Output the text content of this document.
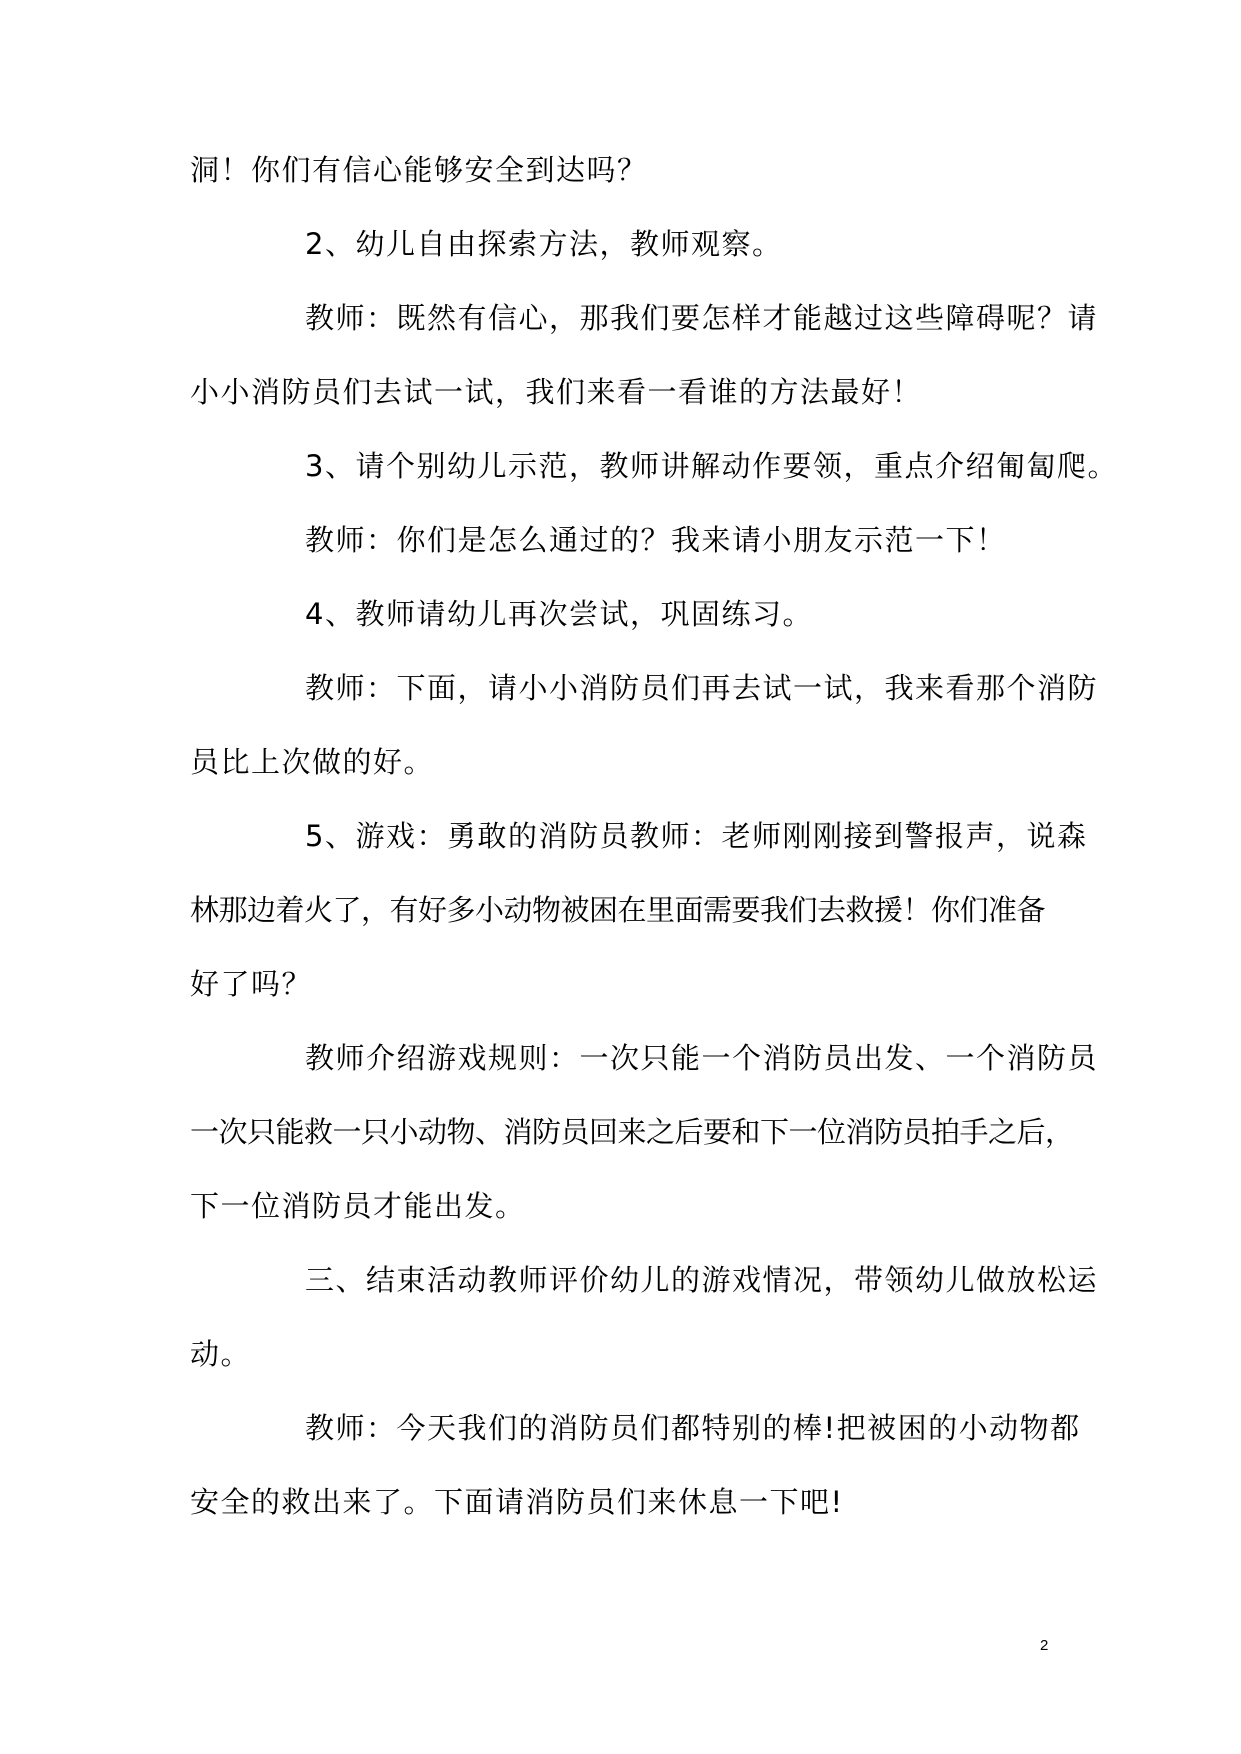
洞！你们有信心能够安全到达吗？
2、幼儿自由探索方法，教师观察。
教师：既然有信心，那我们要怎样才能越过这些障碍呢？请
小小消防员们去试一试，我们来看一看谁的方法最好！
3、请个别幼儿示范，教师讲解动作要领，重点介绍匍匐爬。
教师：你们是怎么通过的？我来请小朋友示范一下！
4、教师请幼儿再次尝试，巩固练习。
教师：下面，请小小消防员们再去试一试，我来看那个消防
员比上次做的好。
5、游戏：勇敢的消防员教师：老师刚刚接到警报声，说森
林那边着火了，有好多小动物被困在里面需要我们去救援！你们准备
好了吗？
教师介绍游戏规则：一次只能一个消防员出发、一个消防员
一次只能救一只小动物、消防员回来之后要和下一位消防员拍手之后，
下一位消防员才能出发。
三、结束活动教师评价幼儿的游戏情况，带领幼儿做放松运
动。
教师：今天我们的消防员们都特别的棒!把被困的小动物都
安全的救出来了。下面请消防员们来休息一下吧!
2
